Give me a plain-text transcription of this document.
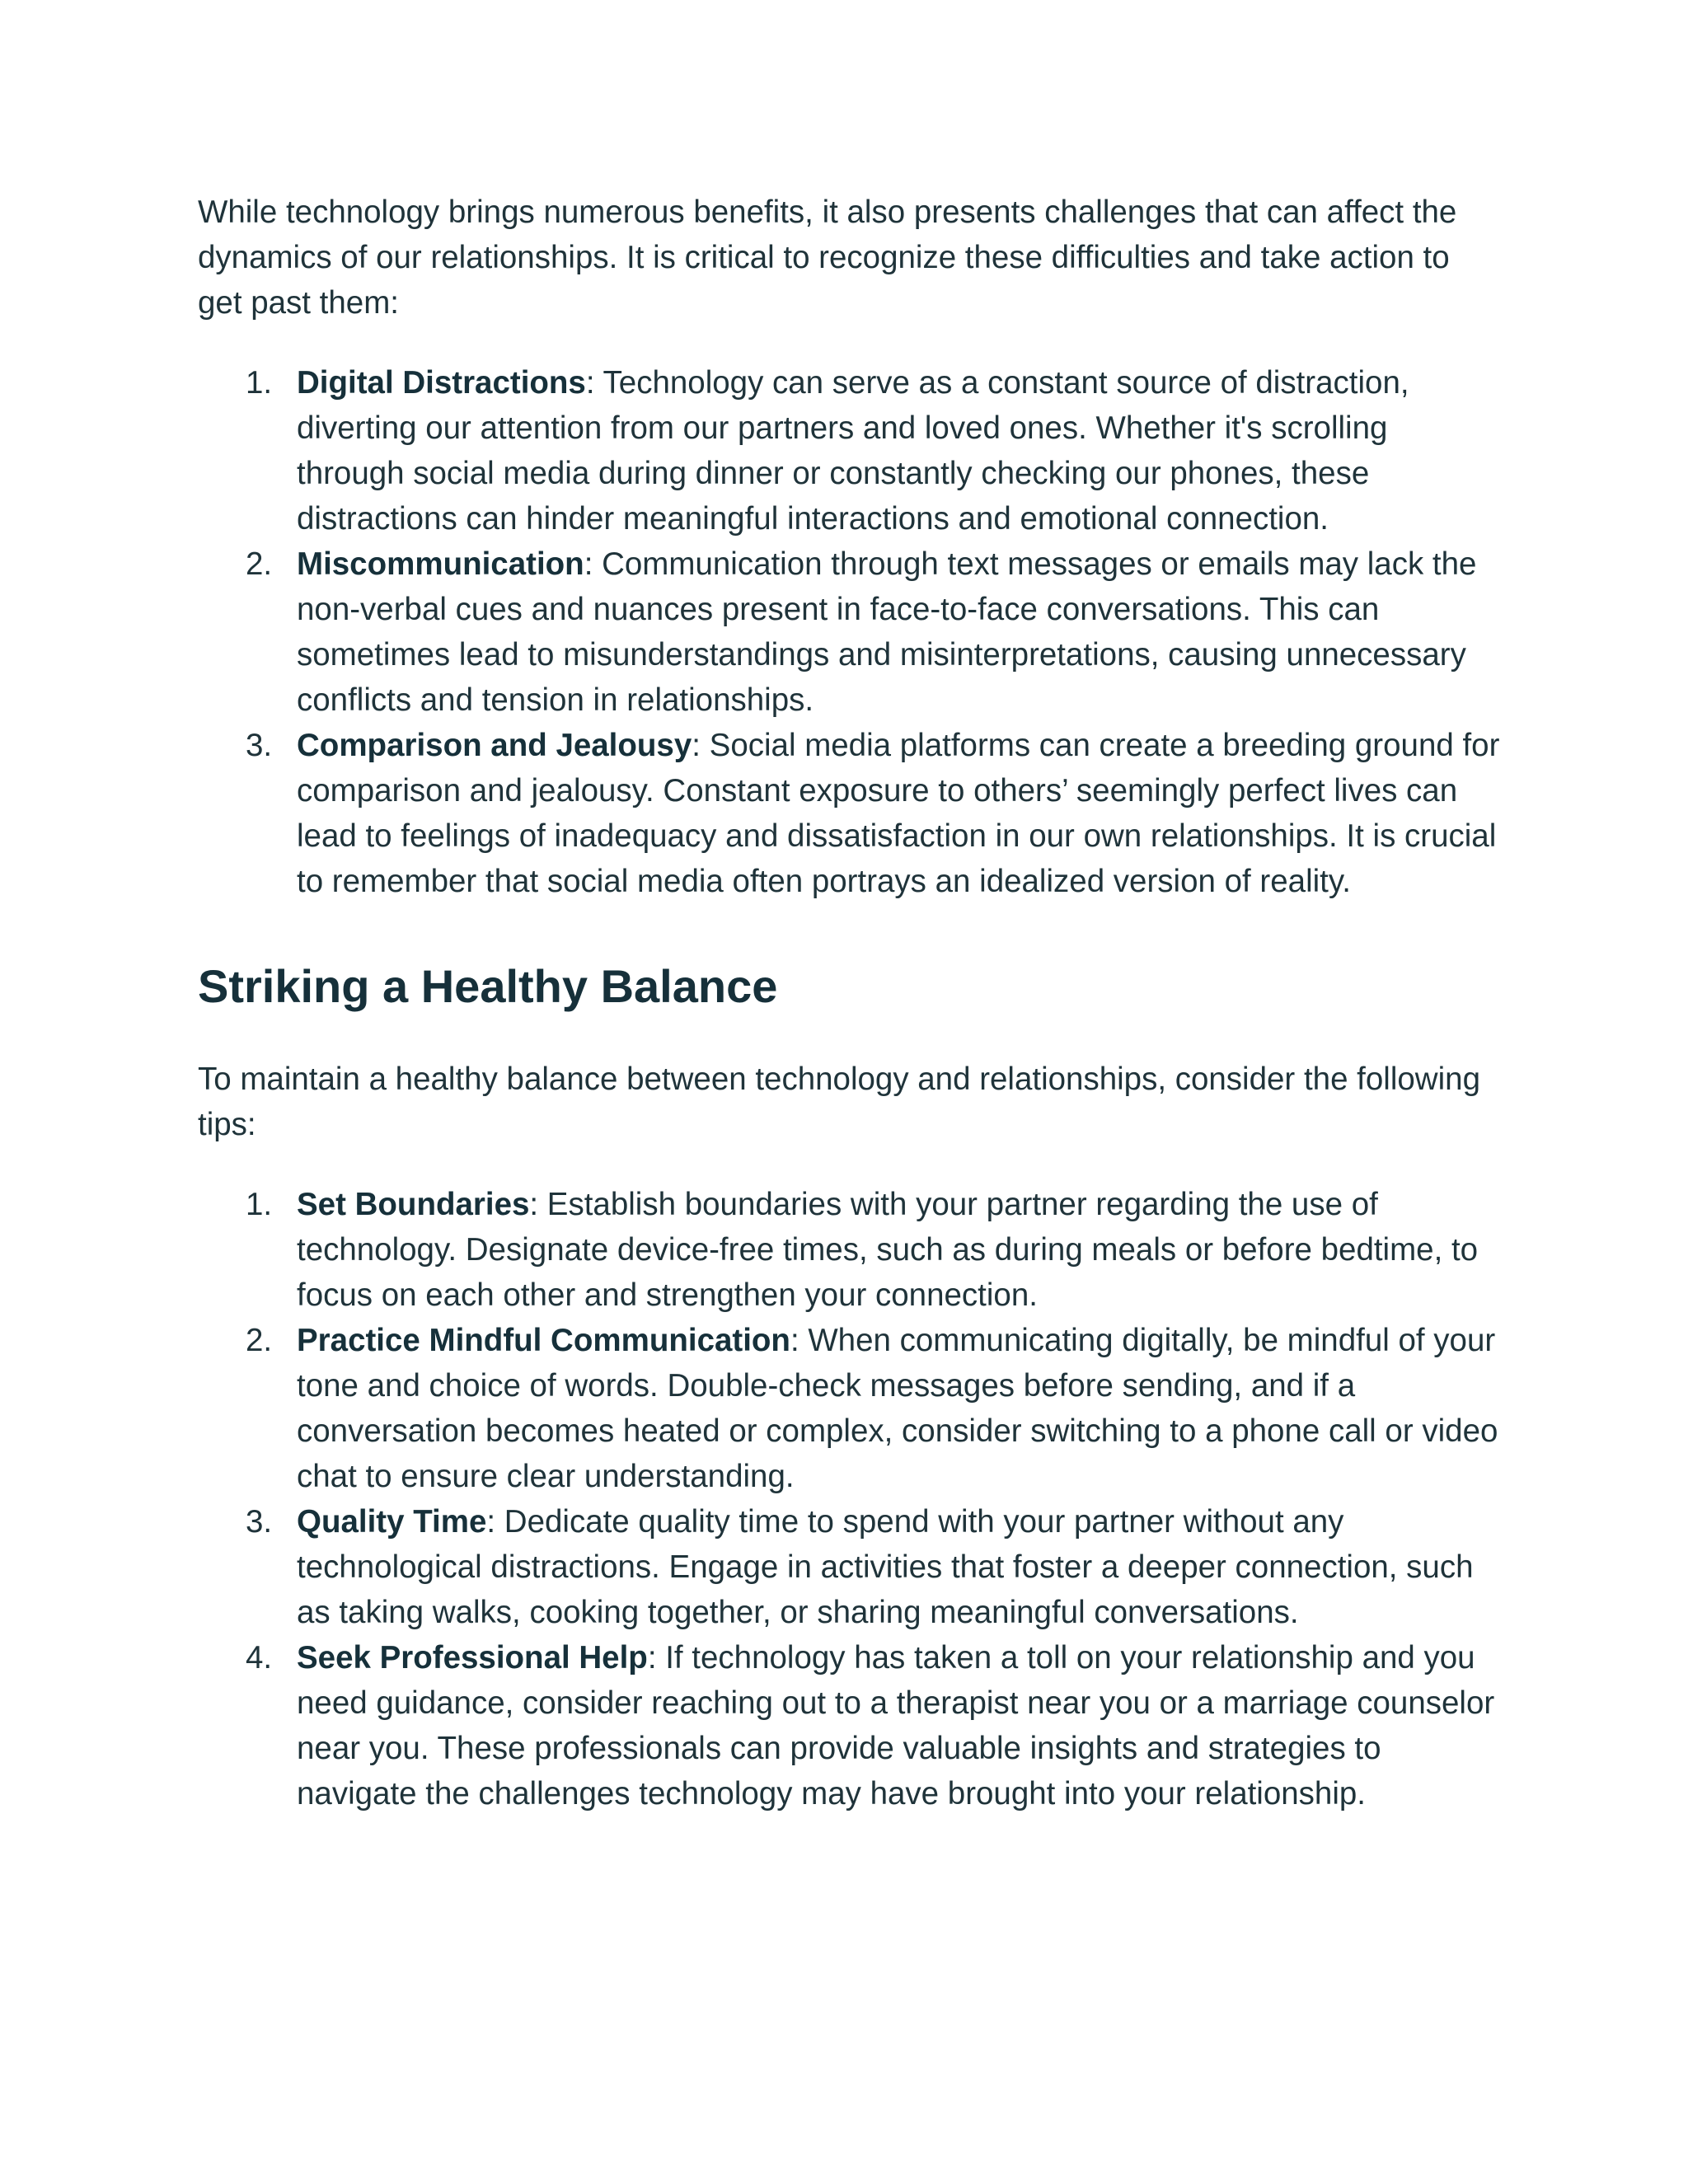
While technology brings numerous benefits, it also presents challenges that can affect the dynamics of our relationships. It is critical to recognize these difficulties and take action to get past them:

1. Digital Distractions: Technology can serve as a constant source of distraction, diverting our attention from our partners and loved ones. Whether it's scrolling through social media during dinner or constantly checking our phones, these distractions can hinder meaningful interactions and emotional connection.
2. Miscommunication: Communication through text messages or emails may lack the non-verbal cues and nuances present in face-to-face conversations. This can sometimes lead to misunderstandings and misinterpretations, causing unnecessary conflicts and tension in relationships.
3. Comparison and Jealousy: Social media platforms can create a breeding ground for comparison and jealousy. Constant exposure to others’ seemingly perfect lives can lead to feelings of inadequacy and dissatisfaction in our own relationships. It is crucial to remember that social media often portrays an idealized version of reality.
Striking a Healthy Balance

To maintain a healthy balance between technology and relationships, consider the following tips:

1. Set Boundaries: Establish boundaries with your partner regarding the use of technology. Designate device-free times, such as during meals or before bedtime, to focus on each other and strengthen your connection.
2. Practice Mindful Communication: When communicating digitally, be mindful of your tone and choice of words. Double-check messages before sending, and if a conversation becomes heated or complex, consider switching to a phone call or video chat to ensure clear understanding.
3. Quality Time: Dedicate quality time to spend with your partner without any technological distractions. Engage in activities that foster a deeper connection, such as taking walks, cooking together, or sharing meaningful conversations.
4. Seek Professional Help: If technology has taken a toll on your relationship and you need guidance, consider reaching out to a therapist near you or a marriage counselor near you. These professionals can provide valuable insights and strategies to navigate the challenges technology may have brought into your relationship.
